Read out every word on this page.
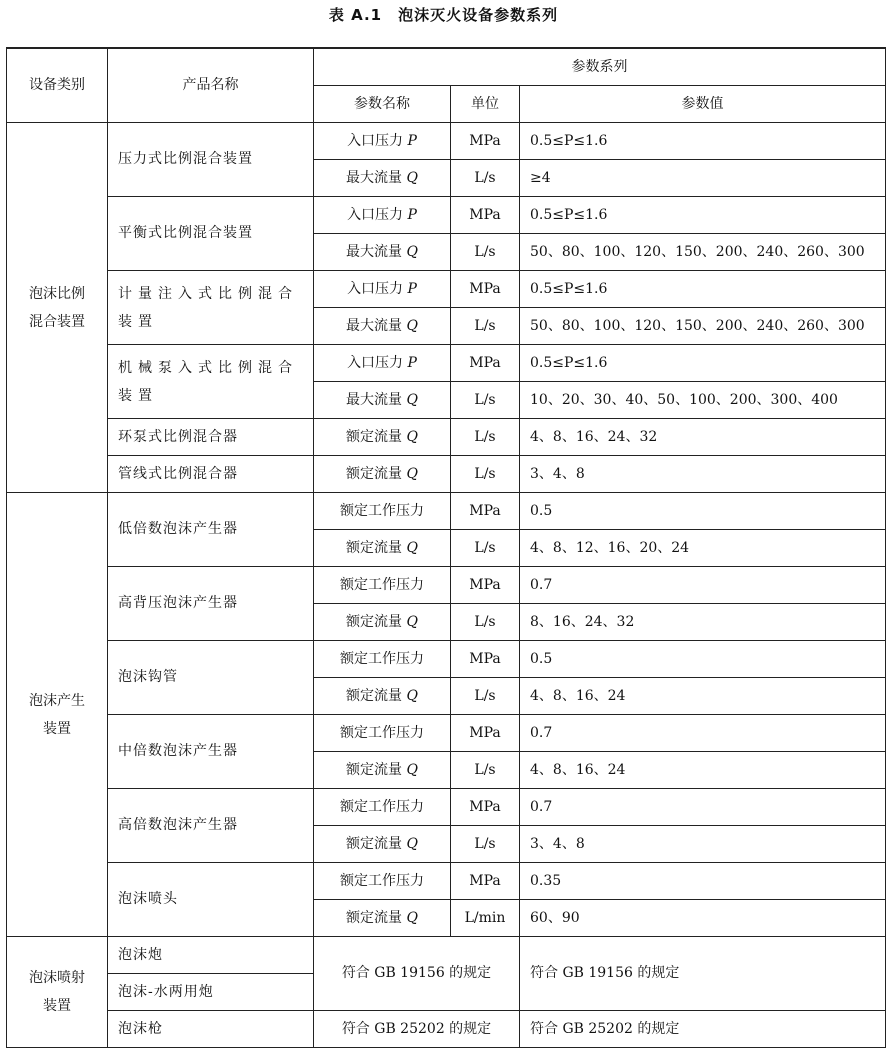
表 A.1　泡沫灭火设备参数系列
设备类别	产品名称	参数系列		
		参数名称	单位	参数值
泡沫比例混合装置	压力式比例混合装置	入口压力 P	MPa	0.5≤P≤1.6
		最大流量 Q	L/s	≥4
	平衡式比例混合装置	入口压力 P	MPa	0.5≤P≤1.6
		最大流量 Q	L/s	50、80、100、120、150、200、240、260、300
	计量注入式比例混合装置	入口压力 P	MPa	0.5≤P≤1.6
		最大流量 Q	L/s	50、80、100、120、150、200、240、260、300
	机械泵入式比例混合装置	入口压力 P	MPa	0.5≤P≤1.6
		最大流量 Q	L/s	10、20、30、40、50、100、200、300、400
	环泵式比例混合器	额定流量 Q	L/s	4、8、16、24、32
	管线式比例混合器	额定流量 Q	L/s	3、4、8
泡沫产生装置	低倍数泡沫产生器	额定工作压力	MPa	0.5
		额定流量 Q	L/s	4、8、12、16、20、24
	高背压泡沫产生器	额定工作压力	MPa	0.7
		额定流量 Q	L/s	8、16、24、32
	泡沫钩管	额定工作压力	MPa	0.5
		额定流量 Q	L/s	4、8、16、24
	中倍数泡沫产生器	额定工作压力	MPa	0.7
		额定流量 Q	L/s	4、8、16、24
	高倍数泡沫产生器	额定工作压力	MPa	0.7
		额定流量 Q	L/s	3、4、8
	泡沫喷头	额定工作压力	MPa	0.35
		额定流量 Q	L/min	60、90
泡沫喷射装置	泡沫炮	符合 GB 19156 的规定		符合 GB 19156 的规定
	泡沫-水两用炮			
	泡沫枪	符合 GB 25202 的规定		符合 GB 25202 的规定
